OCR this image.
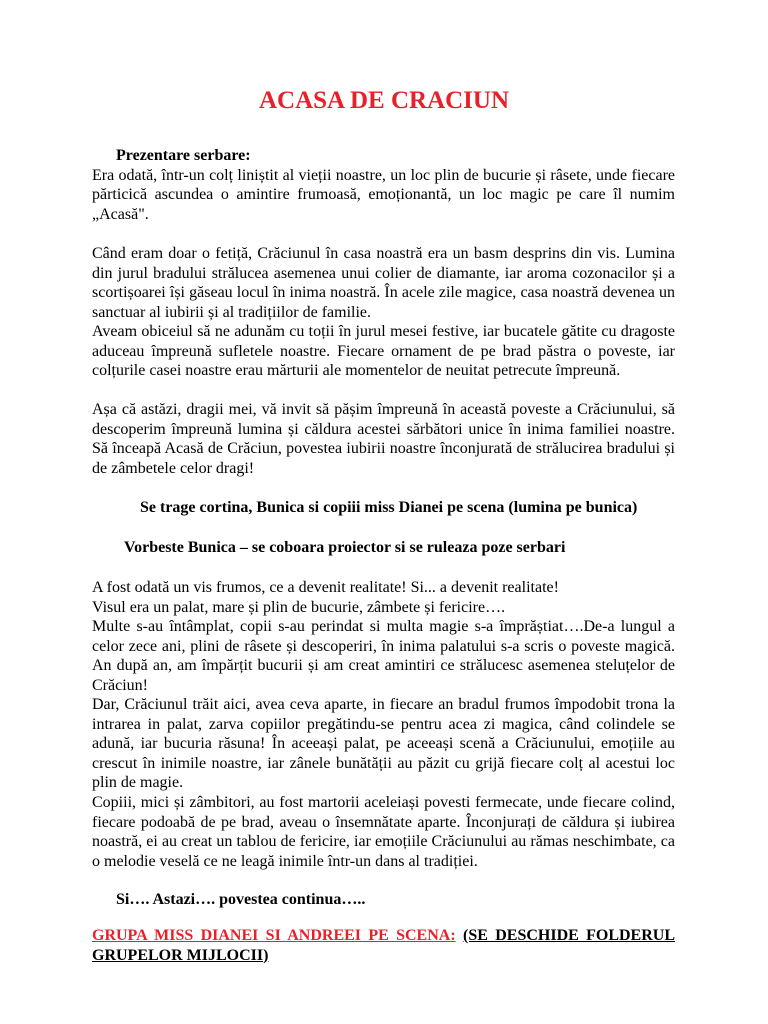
ACASA DE CRACIUN

Prezentare serbare:
Era odată, într-un colț liniștit al vieții noastre, un loc plin de bucurie și râsete, unde fiecare părticică ascundea o amintire frumoasă, emoționantă, un loc magic pe care îl numim „Acasă".

Când eram doar o fetiță, Crăciunul în casa noastră era un basm desprins din vis. Lumina din jurul bradului strălucea asemenea unui colier de diamante, iar aroma cozonacilor și a scortișoarei își găseau locul în inima noastră. În acele zile magice, casa noastră devenea un sanctuar al iubirii și al tradițiilor de familie.

Aveam obiceiul să ne adunăm cu toții în jurul mesei festive, iar bucatele gătite cu dragoste aduceau împreună sufletele noastre. Fiecare ornament de pe brad păstra o poveste, iar colțurile casei noastre erau mărturii ale momentelor de neuitat petrecute împreună.

Așa că astăzi, dragii mei, vă invit să pășim împreună în această poveste a Crăciunului, să descoperim împreună lumina și căldura acestei sărbători unice în inima familiei noastre. Să înceapă Acasă de Crăciun, povestea iubirii noastre înconjurată de strălucirea bradului și de zâmbetele celor dragi!

Se trage cortina, Bunica si copiii miss Dianei pe scena (lumina pe bunica)

Vorbeste Bunica – se coboara proiector si se ruleaza poze serbari

A fost odată un vis frumos, ce a devenit realitate! Si... a devenit realitate!

Visul era un palat, mare și plin de bucurie, zâmbete și fericire….

Multe s-au întâmplat, copii s-au perindat si multa magie s-a împrăștiat….De-a lungul a celor zece ani, plini de râsete și descoperiri, în inima palatului s-a scris o poveste magică. An după an, am împărțit bucurii și am creat amintiri ce strălucesc asemenea steluțelor de Crăciun!

Dar, Crăciunul trăit aici, avea ceva aparte, in fiecare an bradul frumos împodobit trona la intrarea in palat, zarva copiilor pregătindu-se pentru acea zi magica, când colindele se adună, iar bucuria răsuna! În aceeași palat, pe aceeași scenă a Crăciunului, emoțiile au crescut în inimile noastre, iar zânele bunătății au păzit cu grijă fiecare colț al acestui loc plin de magie.

Copiii, mici și zâmbitori, au fost martorii aceleiași povesti fermecate, unde fiecare colind, fiecare podoabă de pe brad, aveau o însemnătate aparte. Înconjurați de căldura și iubirea noastră, ei au creat un tablou de fericire, iar emoțiile Crăciunului au rămas neschimbate, ca o melodie veselă ce ne leagă inimile într-un dans al tradiției.

Si…. Astazi…. povestea continua…..

GRUPA MISS DIANEI SI ANDREEI PE SCENA: (SE DESCHIDE FOLDERUL GRUPELOR MIJLOCII)
